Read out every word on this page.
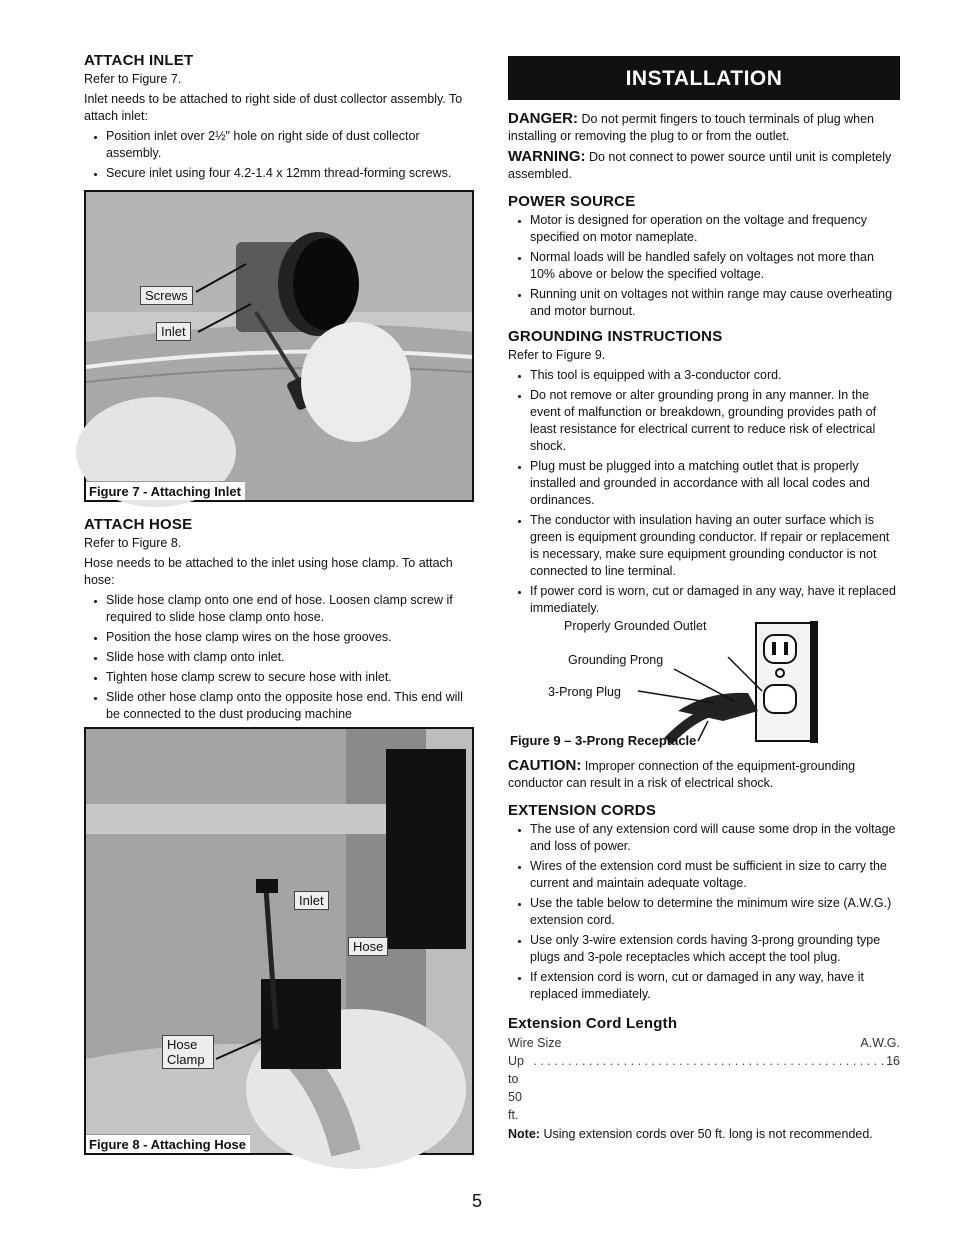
ATTACH INLET

Refer to Figure 7.

Inlet needs to be attached to right side of dust collector assembly. To attach inlet:

• Position inlet over 2½" hole on right side of dust collector assembly.
• Secure inlet using four 4.2-1.4 x 12mm thread-forming screws.
Screws
Inlet
Figure 7 - Attaching Inlet
ATTACH HOSE

Refer to Figure 8.

Hose needs to be attached to the inlet using hose clamp. To attach hose:

• Slide hose clamp onto one end of hose. Loosen clamp screw if required to slide hose clamp onto hose.
• Position the hose clamp wires on the hose grooves.
• Slide hose with clamp onto inlet.
• Tighten hose clamp screw to secure hose with inlet.
• Slide other hose clamp onto the opposite hose end. This end will be connected to the dust producing machine
Inlet
Hose
Hose Clamp
Figure 8 - Attaching Hose
INSTALLATION

DANGER: Do not permit fingers to touch terminals of plug when installing or removing the plug to or from the outlet.

WARNING: Do not connect to power source until unit is completely assembled.

POWER SOURCE
• Motor is designed for operation on the voltage and frequency specified on motor nameplate.
• Normal loads will be handled safely on voltages not more than 10% above or below the specified voltage.
• Running unit on voltages not within range may cause overheating and motor burnout.
GROUNDING INSTRUCTIONS

Refer to Figure 9.

• This tool is equipped with a 3-conductor cord.
• Do not remove or alter grounding prong in any manner. In the event of malfunction or breakdown, grounding provides path of least resistance for electrical current to reduce risk of electrical shock.
• Plug must be plugged into a matching outlet that is properly installed and grounded in accordance with all local codes and ordinances.
• The conductor with insulation having an outer surface which is green is equipment grounding conductor. If repair or replacement is necessary, make sure equipment grounding conductor is not connected to line terminal.
• If power cord is worn, cut or damaged in any way, have it replaced immediately.
Properly Grounded Outlet
Grounding Prong
3-Prong Plug
Figure 9 – 3-Prong Receptacle

CAUTION: Improper connection of the equipment-grounding conductor can result in a risk of electrical shock.

EXTENSION CORDS
• The use of any extension cord will cause some drop in the voltage and loss of power.
• Wires of the extension cord must be sufficient in size to carry the current and maintain adequate voltage.
• Use the table below to determine the minimum wire size (A.W.G.) extension cord.
• Use only 3-wire extension cords having 3-prong grounding type plugs and 3-pole receptacles which accept the tool plug.
• If extension cord is worn, cut or damaged in any way, have it replaced immediately.
Extension Cord Length
Wire Size	A.W.G.
Up to 50 ft.
. . . . . . . . . . . . . . . . . . . . . . . . . . . . . . . . . . . . . . . . . . . . . . . . . . . 16

Note: Using extension cords over 50 ft. long is not recommended.

5
